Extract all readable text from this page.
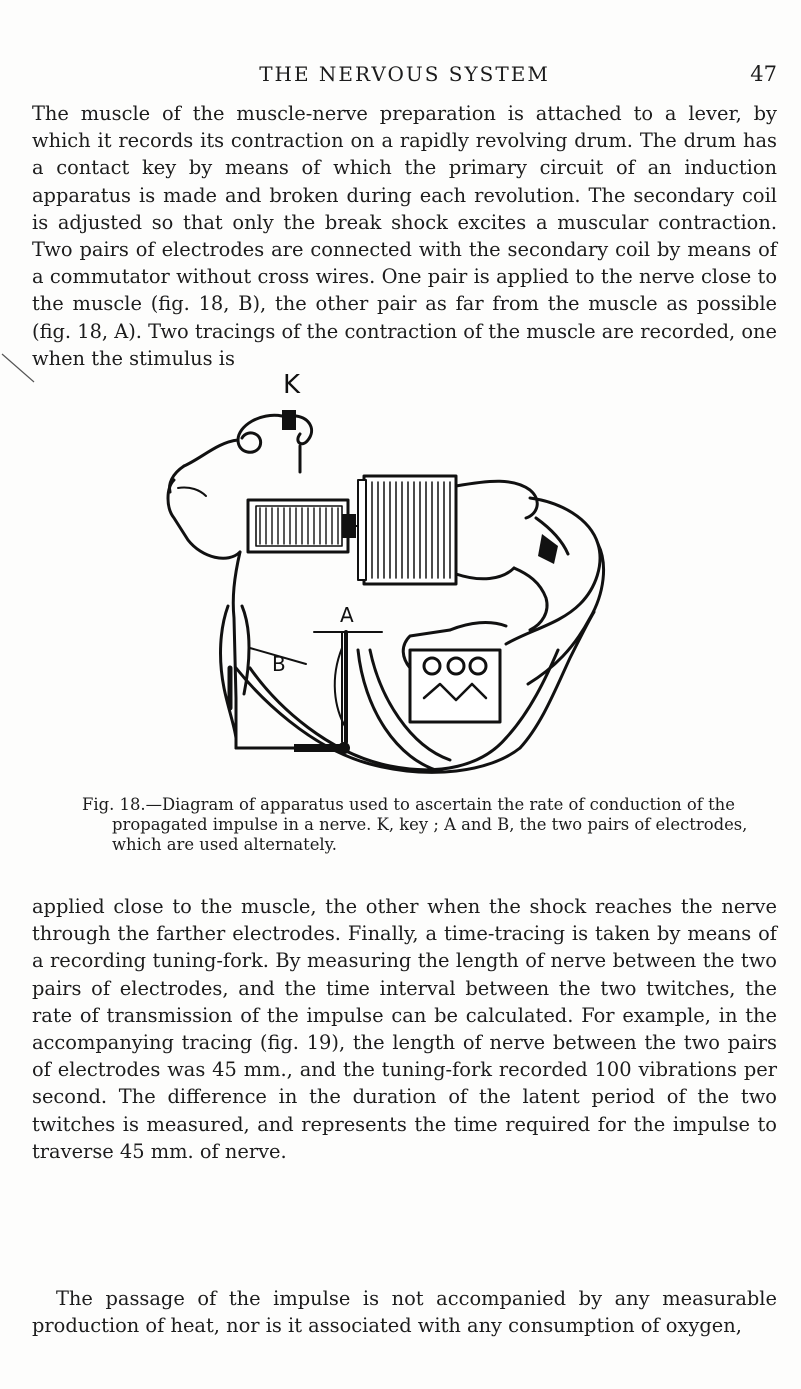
THE NERVOUS SYSTEM	47

The muscle of the muscle-nerve preparation is attached to a lever, by which it records its contraction on a rapidly revolving drum. The drum has a contact key by means of which the primary circuit of an induction apparatus is made and broken during each revolution. The secondary coil is adjusted so that only the break shock excites a muscular contraction. Two pairs of electrodes are connected with the secondary coil by means of a commutator without cross wires. One pair is applied to the nerve close to the muscle (fig. 18, B), the other pair as far from the muscle as possible (fig. 18, A). Two tracings of the contraction of the muscle are recorded, one when the stimulus is

K
A
B

Fig. 18.—Diagram of apparatus used to ascertain the rate of conduction of the propagated impulse in a nerve. K, key ; A and B, the two pairs of electrodes, which are used alternately.

applied close to the muscle, the other when the shock reaches the nerve through the farther electrodes. Finally, a time-tracing is taken by means of a recording tuning-fork. By measuring the length of nerve between the two pairs of electrodes, and the time interval between the two twitches, the rate of transmission of the impulse can be calculated. For example, in the accompanying tracing (fig. 19), the length of nerve between the two pairs of electrodes was 45 mm., and the tuning-fork recorded 100 vibrations per second. The difference in the duration of the latent period of the two twitches is measured, and represents the time required for the impulse to traverse 45 mm. of nerve.

The passage of the impulse is not accompanied by any measurable production of heat, nor is it associated with any consumption of oxygen,
